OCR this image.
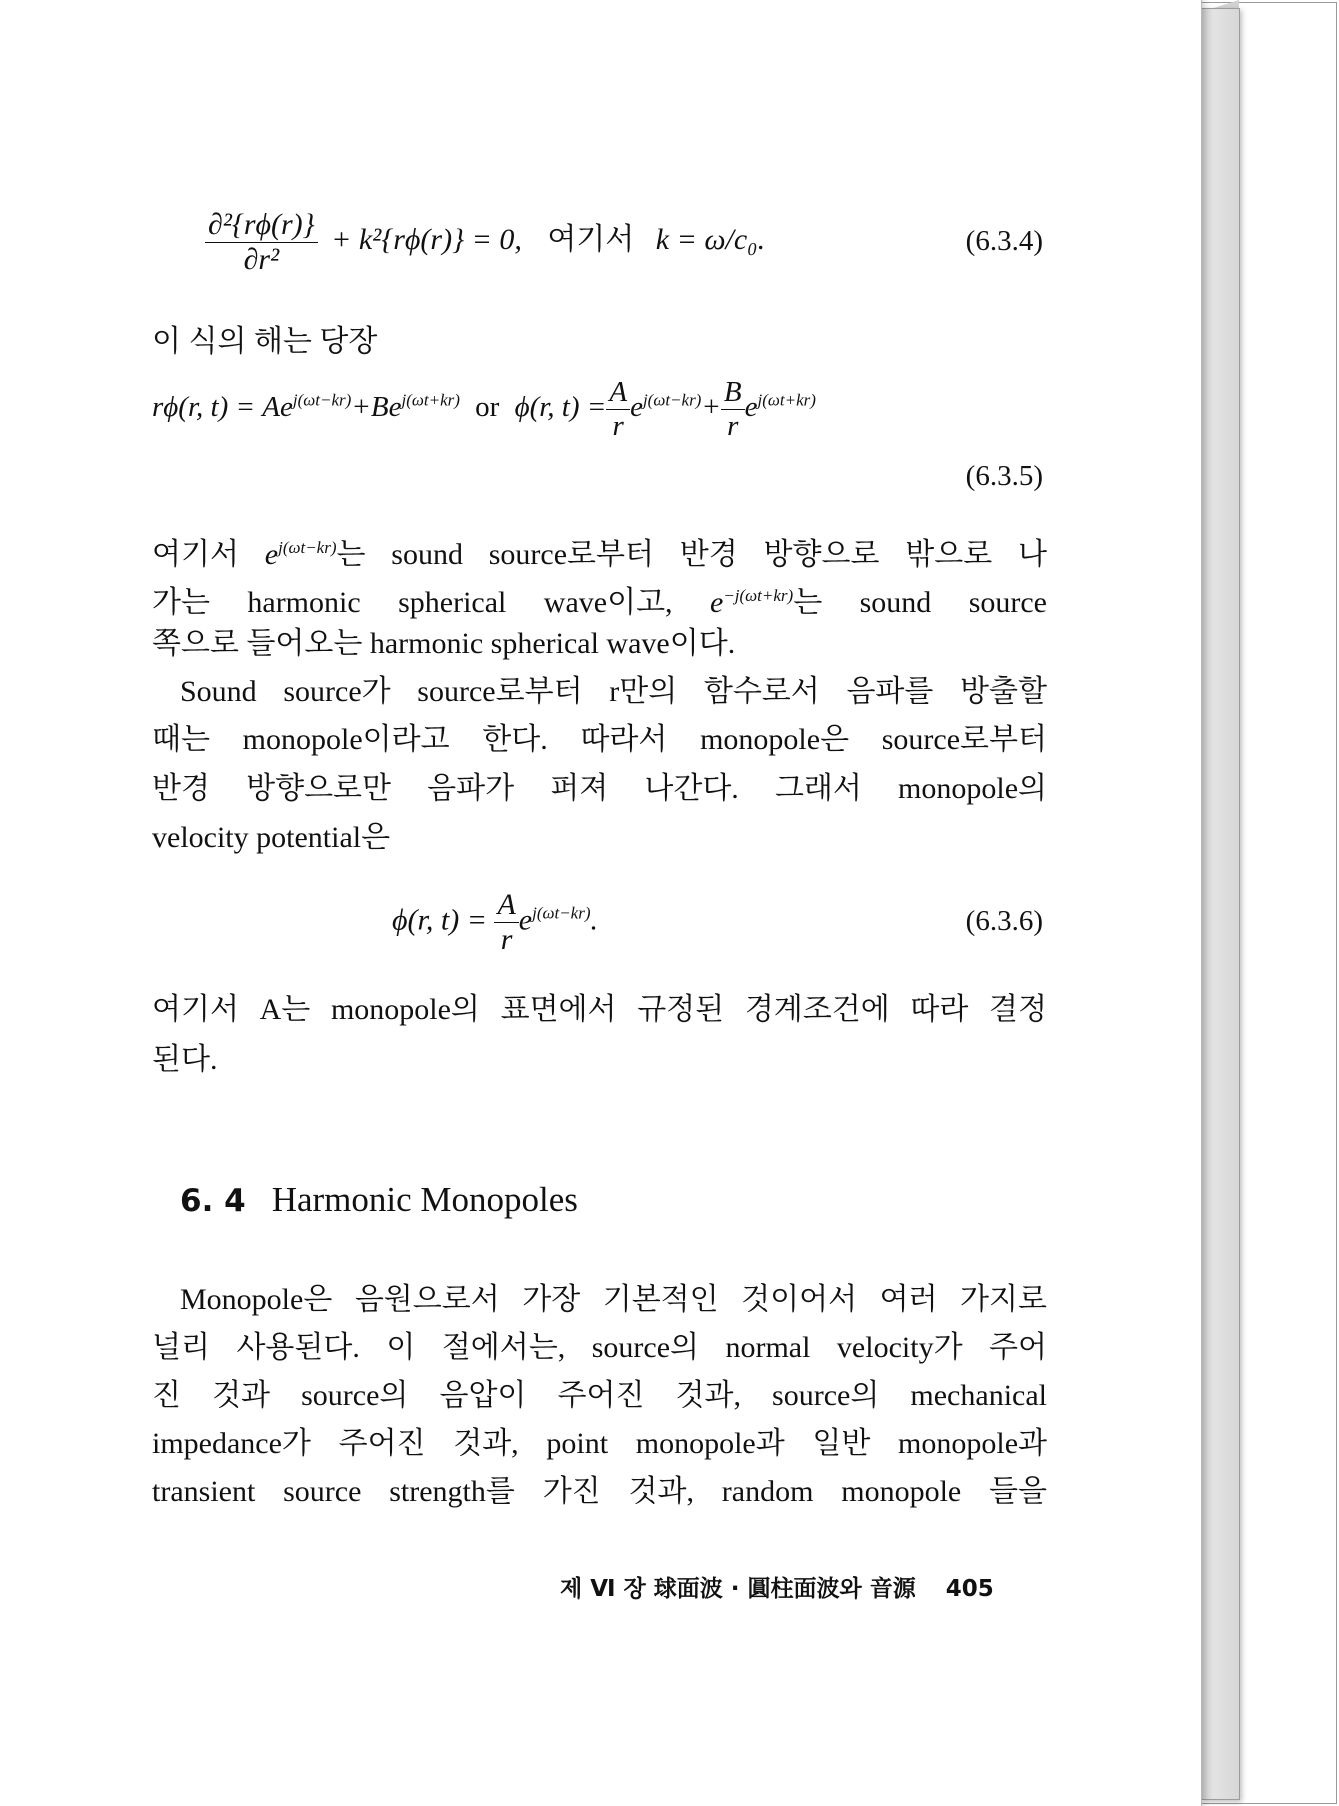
$\frac{\text{∂²\{rϕ(r)\}}}{\text{∂r²}} + k^2\{r\phi(r)\} = 0$, 여기서 k = ω/c₀.	(6.3.4)
이 식의 해는 당장
rϕ(r, $t) = Ae^{j(\omega t-kr)}+Be^{j(\omega t+kr)}$ or ϕ(r, $t) = \frac{A}{r} e^{j(\omega t-kr)}+ \frac{B}{r} e^{j(\omega t+kr)}$
(6.3.5)
여기서 $e^{j(\omega t-kr)}$는 sound source로부터 반경 방향으로 밖으로 나
가는 harmonic spherical wave이고, $e^{-j(\omega t+kr)}$는 sound source
쪽으로 들어오는 harmonic spherical wave이다.
Sound source가 source로부터 r만의 함수로서 음파를 방출할
때는 monopole이라고 한다. 따라서 monopole은 source로부터
반경 방향으로만 음파가 퍼져 나간다. 그래서 monopole의
velocity potential은
ϕ(r, $t) = \frac{A}{r} e^{j(\omega t-kr)}$.	(6.3.6)
여기서 A는 monopole의 표면에서 규정된 경계조건에 따라 결정
된다.
6. 4 Harmonic Monopoles
Monopole은 음원으로서 가장 기본적인 것이어서 여러 가지로
널리 사용된다. 이 절에서는, source의 normal velocity가 주어
진 것과 source의 음압이 주어진 것과, source의 mechanical
impedance가 주어진 것과, point monopole과 일반 monopole과
transient source strength를 가진 것과, random monopole 들을
제 Ⅵ 장 球面波 · 圓柱面波와 音源 405
